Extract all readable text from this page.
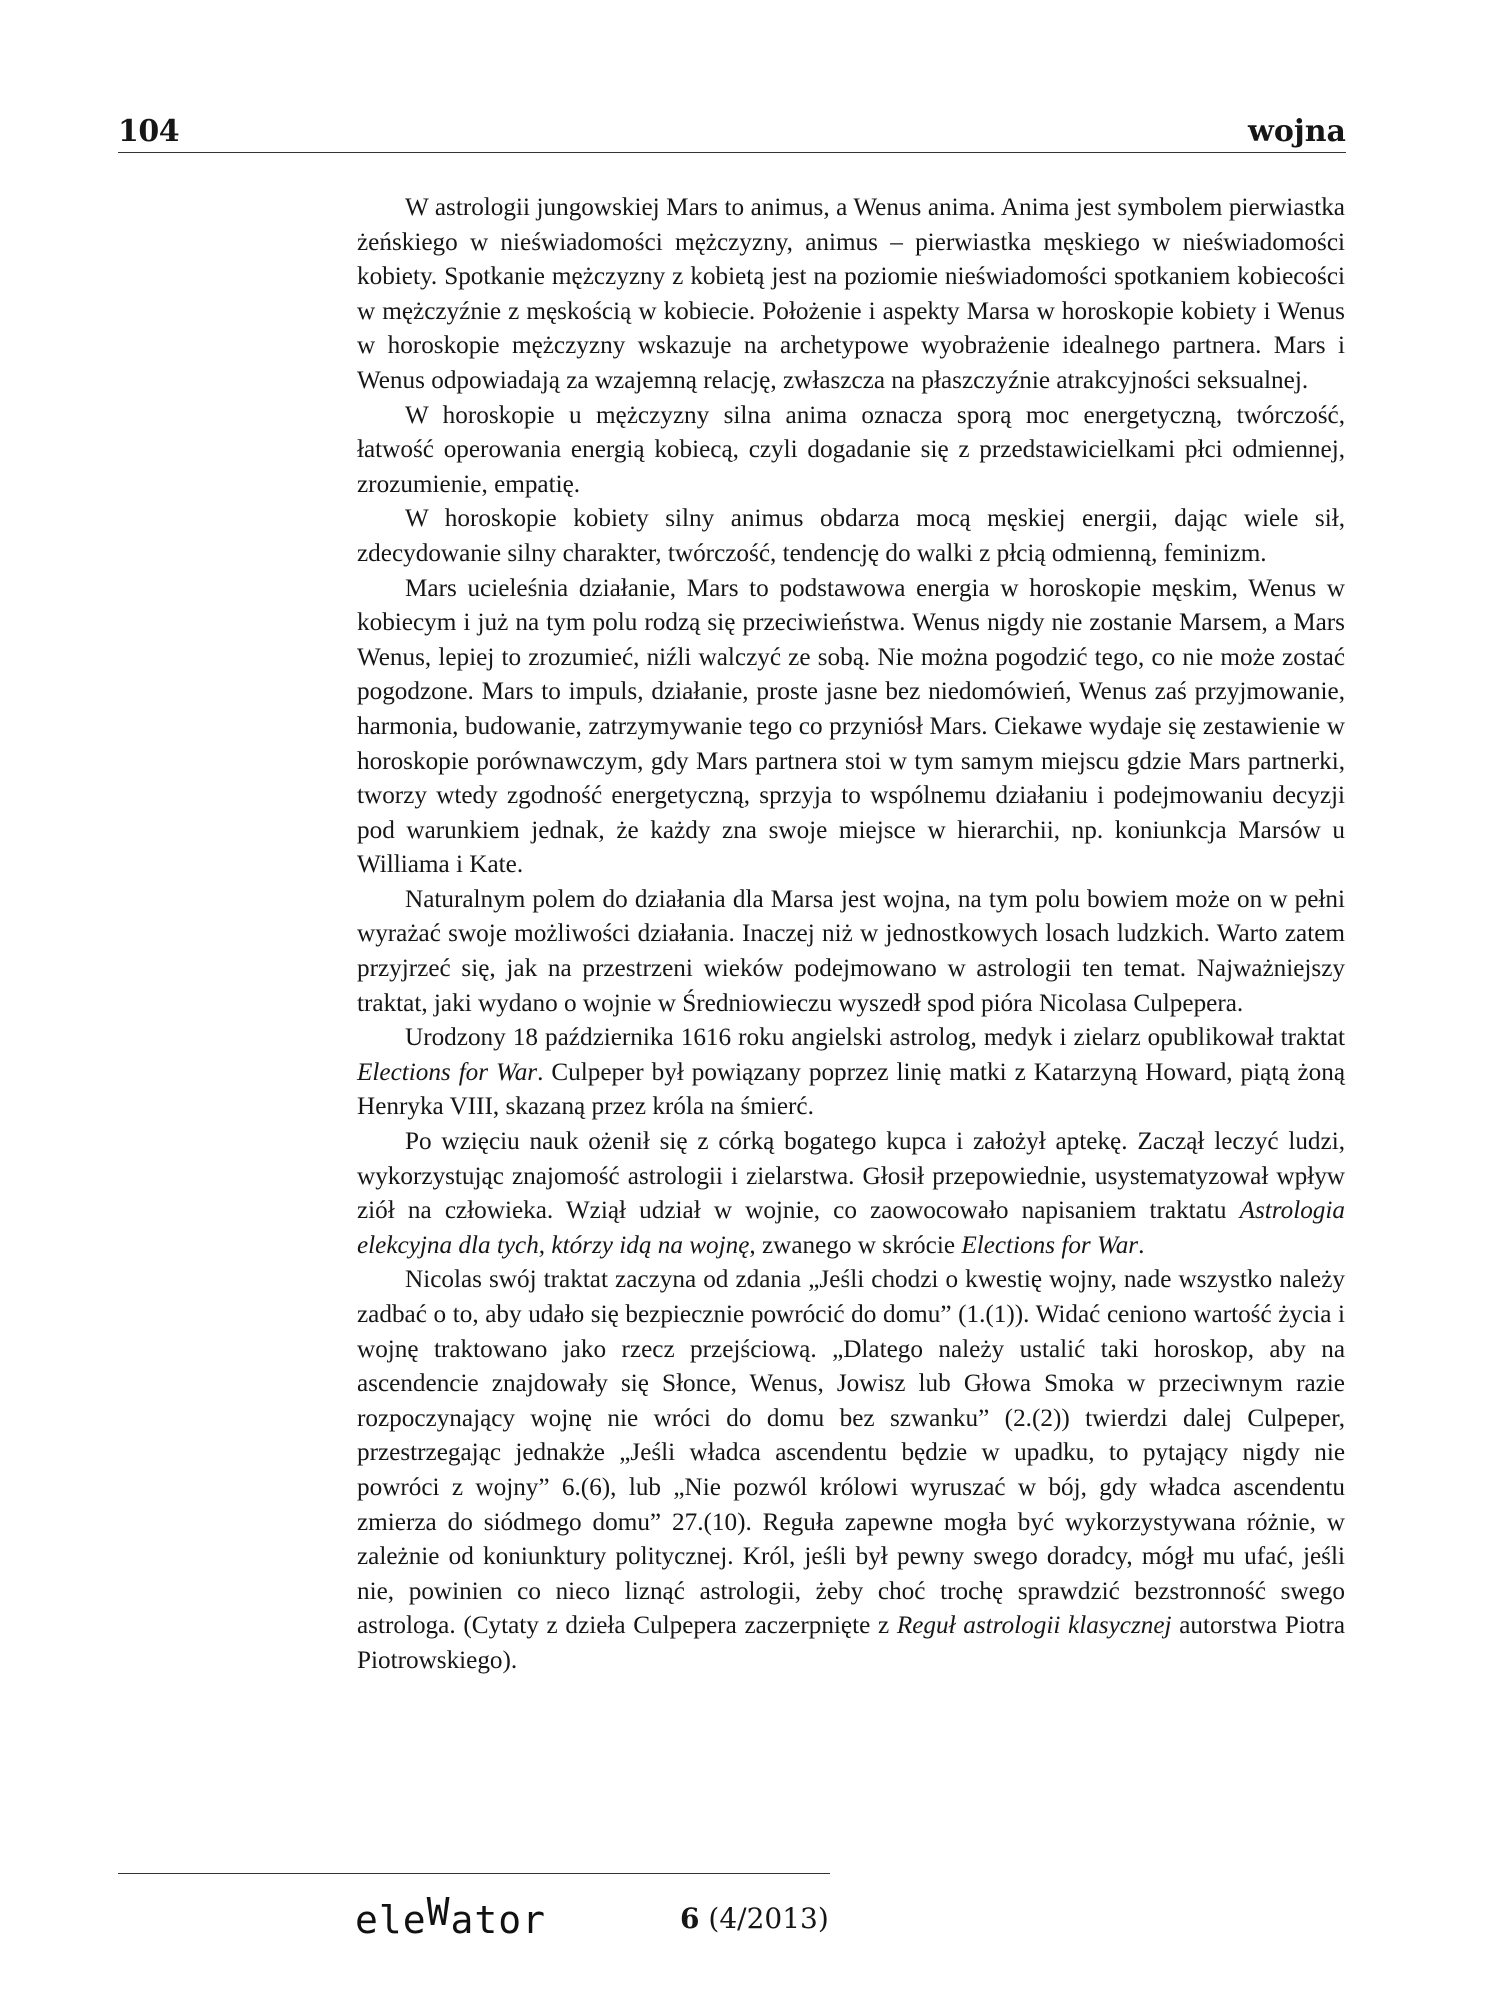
104	wojna

W astrologii jungowskiej Mars to animus, a Wenus anima. Anima jest symbolem pierwiastka żeńskiego w nieświadomości mężczyzny, animus – pierwiastka męskiego w nieświadomości kobiety. Spotkanie mężczyzny z kobietą jest na poziomie nieświadomości spotkaniem kobiecości w mężczyźnie z męskością w kobiecie. Położenie i aspekty Marsa w horoskopie kobiety i Wenus w horoskopie mężczyzny wskazuje na archetypowe wyobrażenie idealnego partnera. Mars i Wenus odpowiadają za wzajemną relację, zwłaszcza na płaszczyźnie atrakcyjności seksualnej.

W horoskopie u mężczyzny silna anima oznacza sporą moc energetyczną, twórczość, łatwość operowania energią kobiecą, czyli dogadanie się z przedstawicielkami płci odmiennej, zrozumienie, empatię.

W horoskopie kobiety silny animus obdarza mocą męskiej energii, dając wiele sił, zdecydowanie silny charakter, twórczość, tendencję do walki z płcią odmienną, feminizm.

Mars ucieleśnia działanie, Mars to podstawowa energia w horoskopie męskim, Wenus w kobiecym i już na tym polu rodzą się przeciwieństwa. Wenus nigdy nie zostanie Marsem, a Mars Wenus, lepiej to zrozumieć, niźli walczyć ze sobą. Nie można pogodzić tego, co nie może zostać pogodzone. Mars to impuls, działanie, proste jasne bez niedomówień, Wenus zaś przyjmowanie, harmonia, budowanie, zatrzymywanie tego co przyniósł Mars. Ciekawe wydaje się zestawienie w horoskopie porównawczym, gdy Mars partnera stoi w tym samym miejscu gdzie Mars partnerki, tworzy wtedy zgodność energetyczną, sprzyja to wspólnemu działaniu i podejmowaniu decyzji pod warunkiem jednak, że każdy zna swoje miejsce w hierarchii, np. koniunkcja Marsów u Williama i Kate.

Naturalnym polem do działania dla Marsa jest wojna, na tym polu bowiem może on w pełni wyrażać swoje możliwości działania. Inaczej niż w jednostkowych losach ludzkich. Warto zatem przyjrzeć się, jak na przestrzeni wieków podejmowano w astrologii ten temat. Najważniejszy traktat, jaki wydano o wojnie w Średniowieczu wyszedł spod pióra Nicolasa Culpepera.

Urodzony 18 października 1616 roku angielski astrolog, medyk i zielarz opublikował traktat Elections for War. Culpeper był powiązany poprzez linię matki z Katarzyną Howard, piątą żoną Henryka VIII, skazaną przez króla na śmierć.

Po wzięciu nauk ożenił się z córką bogatego kupca i założył aptekę. Zaczął leczyć ludzi, wykorzystując znajomość astrologii i zielarstwa. Głosił przepowiednie, usystematyzował wpływ ziół na człowieka. Wziął udział w wojnie, co zaowocowało napisaniem traktatu Astrologia elekcyjna dla tych, którzy idą na wojnę, zwanego w skrócie Elections for War.

Nicolas swój traktat zaczyna od zdania „Jeśli chodzi o kwestię wojny, nade wszystko należy zadbać o to, aby udało się bezpiecznie powrócić do domu” (1.(1)). Widać ceniono wartość życia i wojnę traktowano jako rzecz przejściową. „Dlatego należy ustalić taki horoskop, aby na ascendencie znajdowały się Słonce, Wenus, Jowisz lub Głowa Smoka w przeciwnym razie rozpoczynający wojnę nie wróci do domu bez szwanku” (2.(2)) twierdzi dalej Culpeper, przestrzegając jednakże „Jeśli władca ascendentu będzie w upadku, to pytający nigdy nie powróci z wojny” 6.(6), lub „Nie pozwól królowi wyruszać w bój, gdy władca ascendentu zmierza do siódmego domu” 27.(10). Reguła zapewne mogła być wykorzystywana różnie, w zależnie od koniunktury politycznej. Król, jeśli był pewny swego doradcy, mógł mu ufać, jeśli nie, powinien co nieco liznąć astrologii, żeby choć trochę sprawdzić bezstronność swego astrologa. (Cytaty z dzieła Culpepera zaczerpnięte z Reguł astrologii klasycznej autorstwa Piotra Piotrowskiego).

eleWator	6 (4/2013)
